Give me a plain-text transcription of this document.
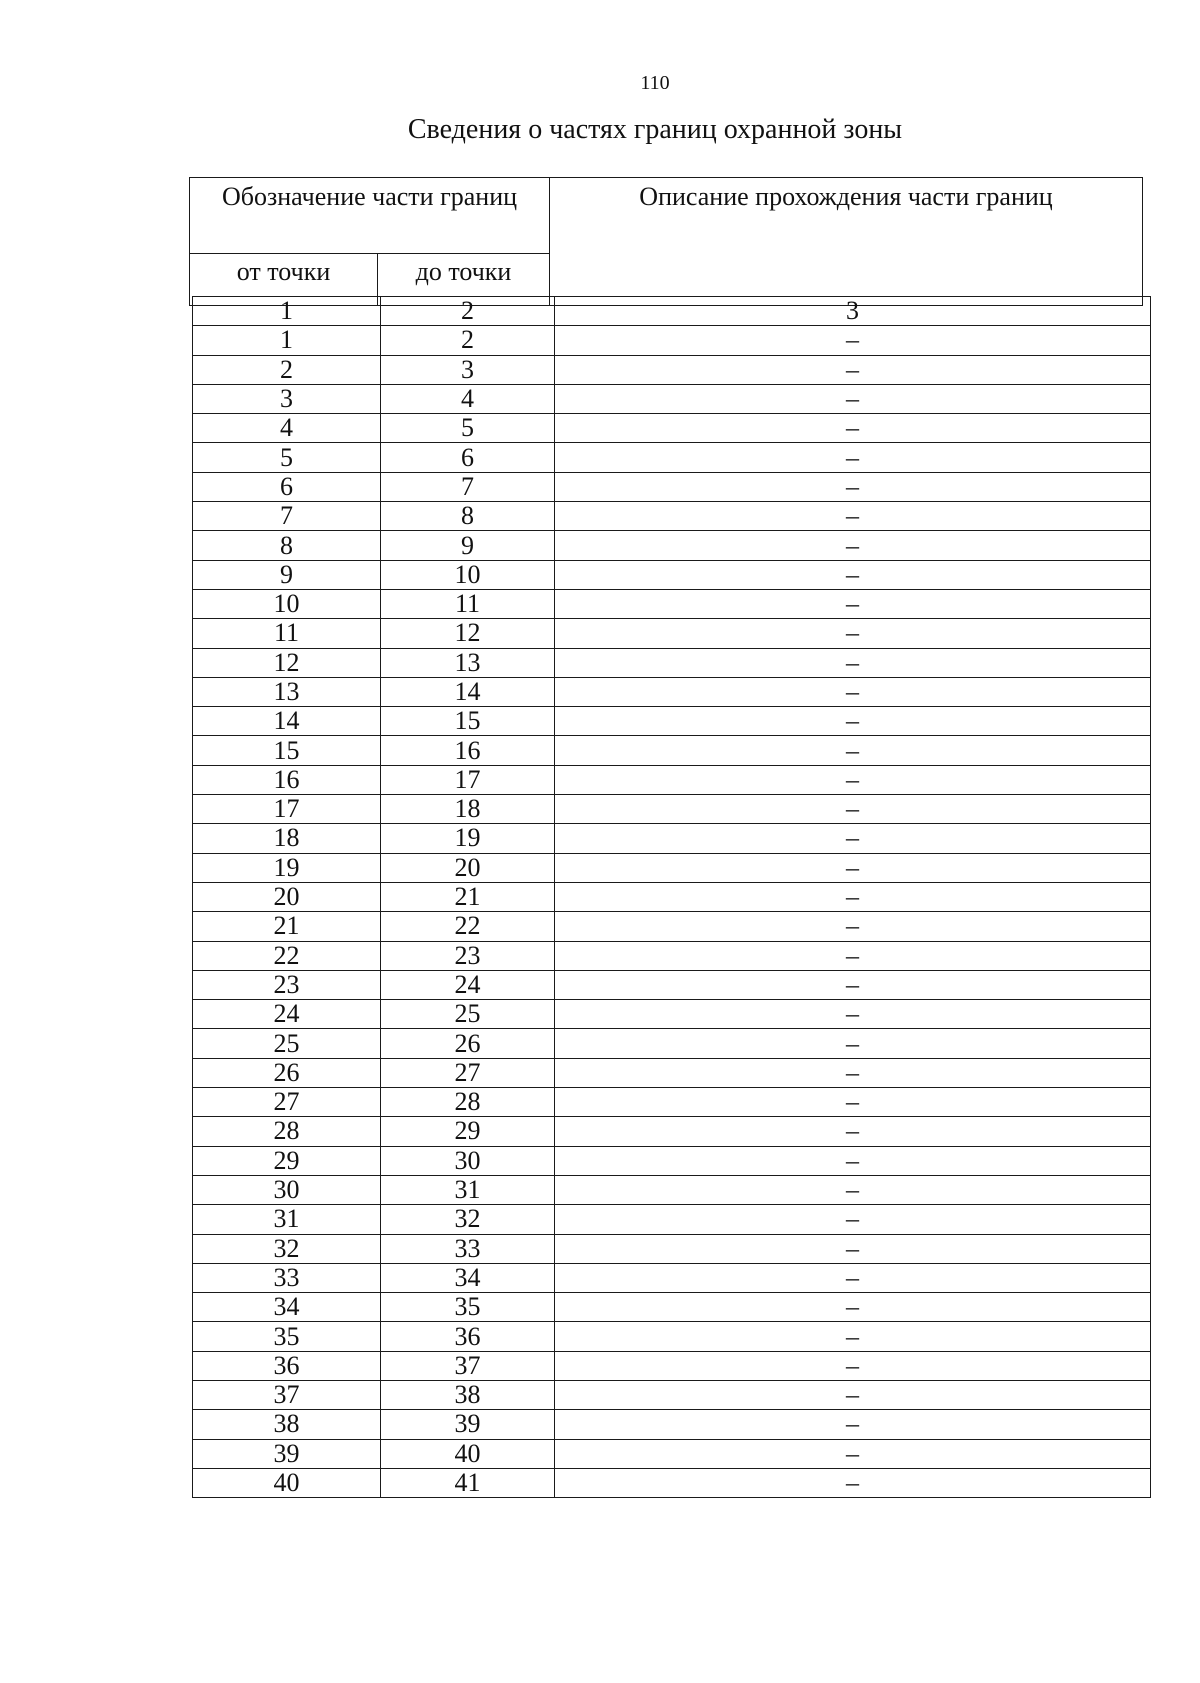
110
Сведения о частях границ охранной зоны
Обозначение части границ		Описание прохождения части границ
от точки	до точки	
1	2	3
1	2	–
2	3	–
3	4	–
4	5	–
5	6	–
6	7	–
7	8	–
8	9	–
9	10	–
10	11	–
11	12	–
12	13	–
13	14	–
14	15	–
15	16	–
16	17	–
17	18	–
18	19	–
19	20	–
20	21	–
21	22	–
22	23	–
23	24	–
24	25	–
25	26	–
26	27	–
27	28	–
28	29	–
29	30	–
30	31	–
31	32	–
32	33	–
33	34	–
34	35	–
35	36	–
36	37	–
37	38	–
38	39	–
39	40	–
40	41	–
